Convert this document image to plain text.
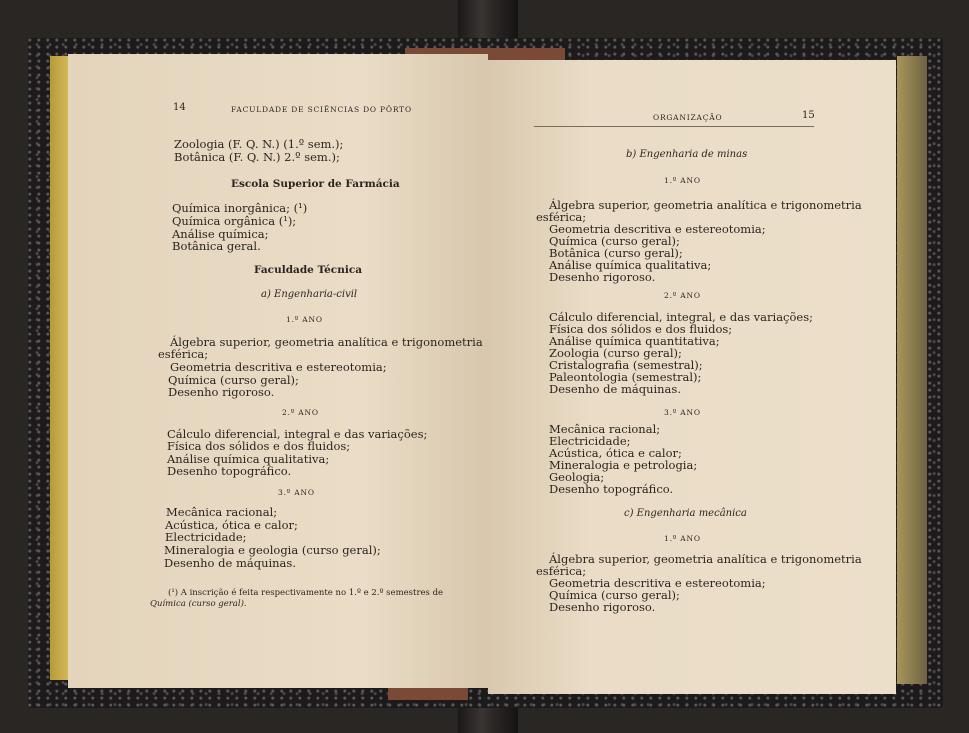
14	FACULDADE DE SCIÊNCIAS DO PÔRTO
Zoologia (F. Q. N.) (1.º sem.);
Botânica (F. Q. N.) 2.º sem.);
Escola Superior de Farmácia
Química inorgânica; (¹)
Química orgânica (¹);
Análise química;
Botânica geral.
Faculdade Técnica
a) Engenharia-civil
1.º ANO
Álgebra superior, geometria analítica e trigonometria
esférica;
Geometria descritiva e estereotomia;
Química (curso geral);
Desenho rigoroso.
2.º ANO
Cálculo diferencial, integral e das variações;
Física dos sólidos e dos fluidos;
Análise química qualitativa;
Desenho topográfico.
3.º ANO
Mecânica racional;
Acústica, ótica e calor;
Electricidade;
Mineralogia e geologia (curso geral);
Desenho de máquinas.
(¹) A inscrição é feita respectivamente no 1.º e 2.º semestres de
Química (curso geral).
ORGANIZAÇÃO	15
b) Engenharia de minas
1.º ANO
Álgebra superior, geometria analítica e trigonometria
esférica;
Geometria descritiva e estereotomia;
Química (curso geral);
Botânica (curso geral);
Análise química qualitativa;
Desenho rigoroso.
2.º ANO
Cálculo diferencial, integral, e das variações;
Física dos sólidos e dos fluidos;
Análise química quantitativa;
Zoologia (curso geral);
Cristalografia (semestral);
Paleontologia (semestral);
Desenho de máquinas.
3.º ANO
Mecânica racional;
Electricidade;
Acústica, ótica e calor;
Mineralogia e petrologia;
Geologia;
Desenho topográfico.
c) Engenharia mecânica
1.º ANO
Álgebra superior, geometria analítica e trigonometria
esférica;
Geometria descritiva e estereotomia;
Química (curso geral);
Desenho rigoroso.
